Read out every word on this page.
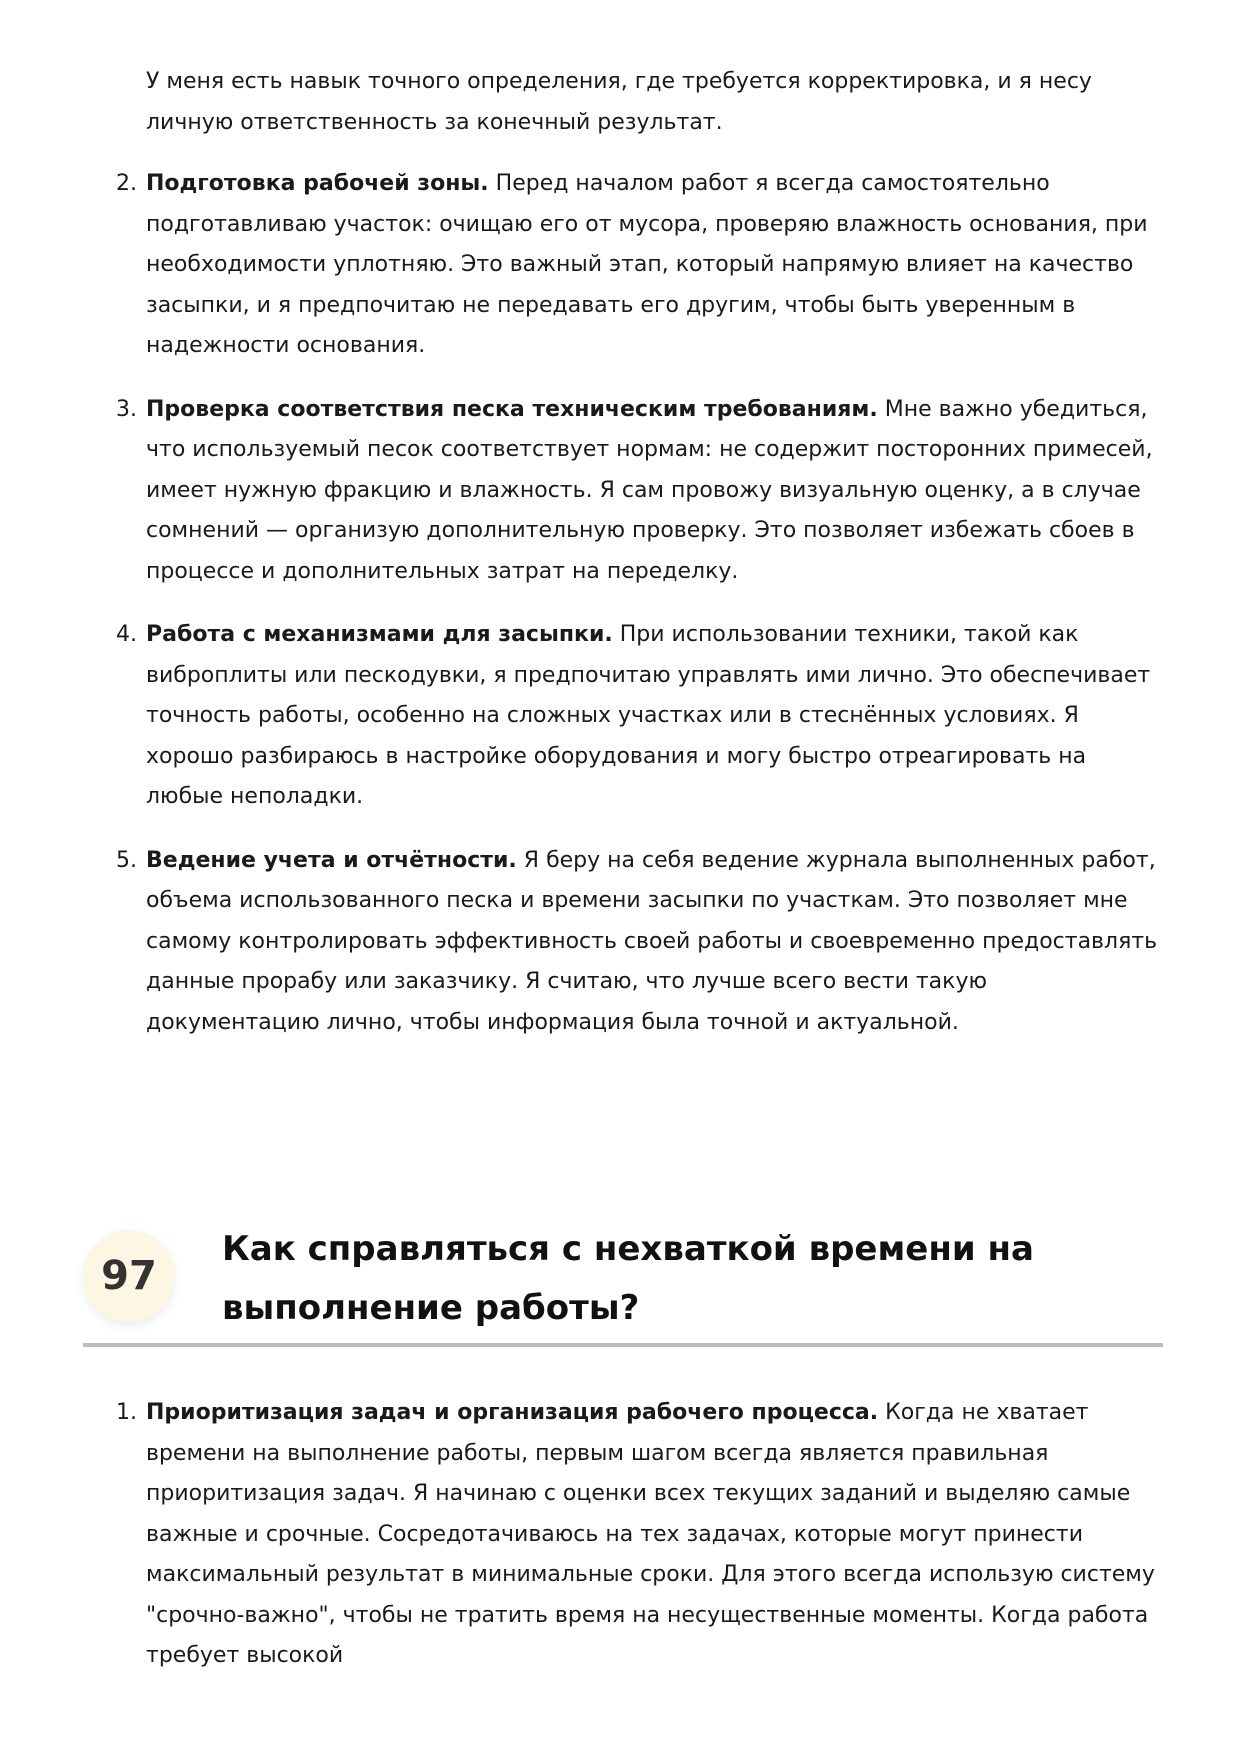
У меня есть навык точного определения, где требуется корректировка, и я несу личную ответственность за конечный результат.

2. Подготовка рабочей зоны. Перед началом работ я всегда самостоятельно подготавливаю участок: очищаю его от мусора, проверяю влажность основания, при необходимости уплотняю. Это важный этап, который напрямую влияет на качество засыпки, и я предпочитаю не передавать его другим, чтобы быть уверенным в надежности основания.
3. Проверка соответствия песка техническим требованиям. Мне важно убедиться, что используемый песок соответствует нормам: не содержит посторонних примесей, имеет нужную фракцию и влажность. Я сам провожу визуальную оценку, а в случае сомнений — организую дополнительную проверку. Это позволяет избежать сбоев в процессе и дополнительных затрат на переделку.
4. Работа с механизмами для засыпки. При использовании техники, такой как виброплиты или пескодувки, я предпочитаю управлять ими лично. Это обеспечивает точность работы, особенно на сложных участках или в стеснённых условиях. Я хорошо разбираюсь в настройке оборудования и могу быстро отреагировать на любые неполадки.
5. Ведение учета и отчётности. Я беру на себя ведение журнала выполненных работ, объема использованного песка и времени засыпки по участкам. Это позволяет мне самому контролировать эффективность своей работы и своевременно предоставлять данные прорабу или заказчику. Я считаю, что лучше всего вести такую документацию лично, чтобы информация была точной и актуальной.
97
Как справляться с нехваткой времени на выполнение работы?
1. Приоритизация задач и организация рабочего процесса. Когда не хватает времени на выполнение работы, первым шагом всегда является правильная приоритизация задач. Я начинаю с оценки всех текущих заданий и выделяю самые важные и срочные. Сосредотачиваюсь на тех задачах, которые могут принести максимальный результат в минимальные сроки. Для этого всегда использую систему "срочно-важно", чтобы не тратить время на несущественные моменты. Когда работа требует высокой
